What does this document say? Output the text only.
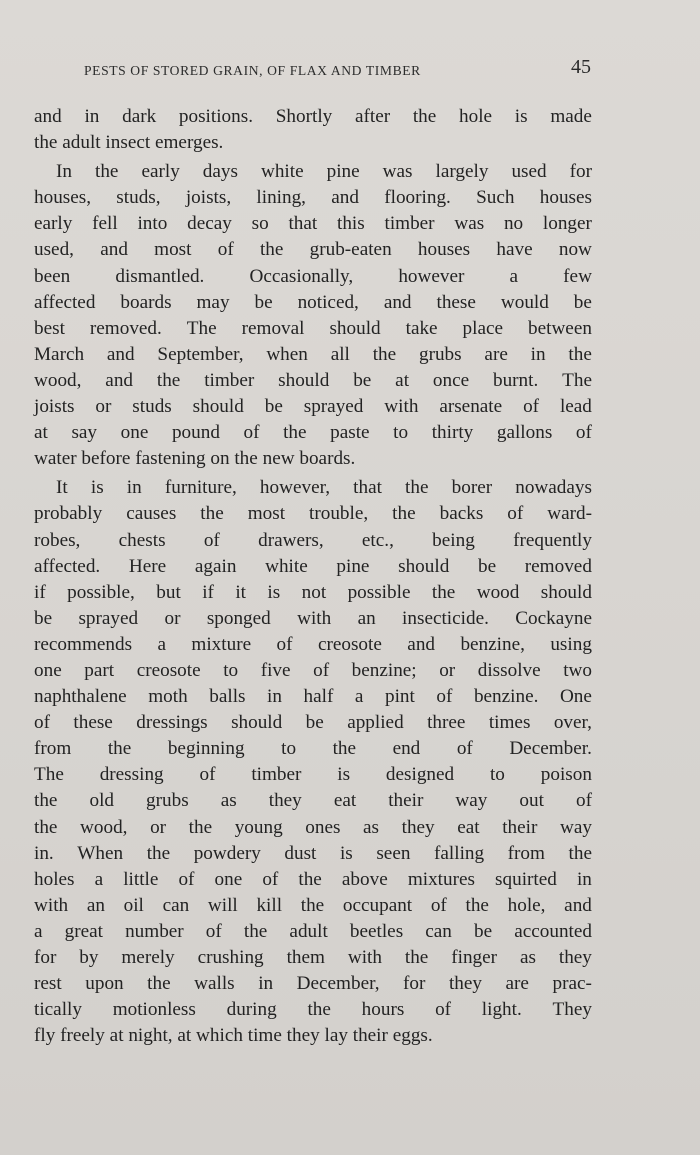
PESTS OF STORED GRAIN, OF FLAX AND TIMBER	45
and in dark positions. Shortly after the hole is made
the adult insect emerges.
In the early days white pine was largely used for
houses, studs, joists, lining, and flooring. Such houses
early fell into decay so that this timber was no longer
used, and most of the grub-eaten houses have now
been dismantled. Occasionally, however a few
affected boards may be noticed, and these would be
best removed. The removal should take place between
March and September, when all the grubs are in the
wood, and the timber should be at once burnt. The
joists or studs should be sprayed with arsenate of lead
at say one pound of the paste to thirty gallons of
water before fastening on the new boards.
It is in furniture, however, that the borer nowadays
probably causes the most trouble, the backs of ward-
robes, chests of drawers, etc., being frequently
affected. Here again white pine should be removed
if possible, but if it is not possible the wood should
be sprayed or sponged with an insecticide. Cockayne
recommends a mixture of creosote and benzine, using
one part creosote to five of benzine; or dissolve two
naphthalene moth balls in half a pint of benzine. One
of these dressings should be applied three times over,
from the beginning to the end of December.
The dressing of timber is designed to poison
the old grubs as they eat their way out of
the wood, or the young ones as they eat their way
in. When the powdery dust is seen falling from the
holes a little of one of the above mixtures squirted in
with an oil can will kill the occupant of the hole, and
a great number of the adult beetles can be accounted
for by merely crushing them with the finger as they
rest upon the walls in December, for they are prac-
tically motionless during the hours of light. They
fly freely at night, at which time they lay their eggs.
